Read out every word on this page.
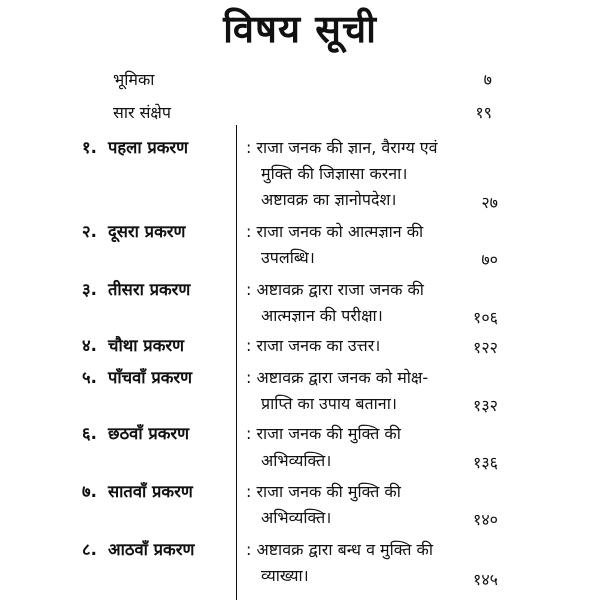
विषय सूची
भूमिका	७
सार संक्षेप	१९
१. पहला प्रकरण	: राजा जनक की ज्ञान, वैराग्य एवं
मुक्ति की जिज्ञासा करना।
अष्टावक्र का ज्ञानोपदेश।	२७
२. दूसरा प्रकरण	: राजा जनक को आत्मज्ञान की
उपलब्धि।	७०
३. तीसरा प्रकरण	: अष्टावक्र द्वारा राजा जनक की
आत्मज्ञान की परीक्षा।	१०६
४. चौथा प्रकरण	: राजा जनक का उत्तर।	१२२
५. पाँचवाँ प्रकरण	: अष्टावक्र द्वारा जनक को मोक्ष-
प्राप्ति का उपाय बताना।	१३२
६. छठवाँ प्रकरण	: राजा जनक की मुक्ति की
अभिव्यक्ति।	१३६
७. सातवाँ प्रकरण	: राजा जनक की मुक्ति की
अभिव्यक्ति।	१४०
८. आठवाँ प्रकरण	: अष्टावक्र द्वारा बन्ध व मुक्ति की
व्याख्या।	१४५
